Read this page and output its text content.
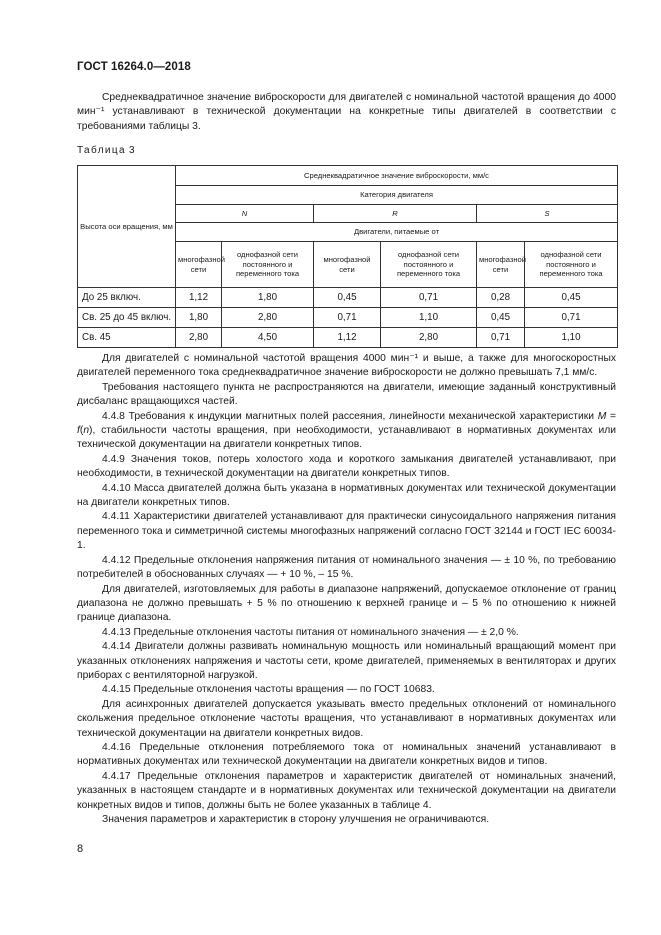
ГОСТ 16264.0—2018

Среднеквадратичное значение виброскорости для двигателей с номинальной частотой вращения до 4000 мин⁻¹ устанавливают в технической документации на конкретные типы двигателей в соответствии с требованиями таблицы 3.

Таблица 3
Высота оси вращения, мм	Среднеквадратичное значение виброскорости, мм/с					
	Категория двигателя					
	N		R		S	
	Двигатели, питаемые от					
	многофазной сети	однофазной сети постоянного и переменного тока	многофазной сети	однофазной сети постоянного и переменного тока	многофазной сети	однофазной сети постоянного и переменного тока
До 25 включ.	1,12	1,80	0,45	0,71	0,28	0,45
Св. 25 до 45 включ.	1,80	2,80	0,71	1,10	0,45	0,71
Св. 45	2,80	4,50	1,12	2,80	0,71	1,10

Для двигателей с номинальной частотой вращения 4000 мин⁻¹ и выше, а также для многоскоростных двигателей переменного тока среднеквадратичное значение виброскорости не должно превышать 7,1 мм/с.

Требования настоящего пункта не распространяются на двигатели, имеющие заданный конструктивный дисбаланс вращающихся частей.

4.4.8 Требования к индукции магнитных полей рассеяния, линейности механической характеристики M = f(n), стабильности частоты вращения, при необходимости, устанавливают в нормативных документах или технической документации на двигатели конкретных типов.

4.4.9 Значения токов, потерь холостого хода и короткого замыкания двигателей устанавливают, при необходимости, в технической документации на двигатели конкретных типов.

4.4.10 Масса двигателей должна быть указана в нормативных документах или технической документации на двигатели конкретных типов.

4.4.11 Характеристики двигателей устанавливают для практически синусоидального напряжения питания переменного тока и симметричной системы многофазных напряжений согласно ГОСТ 32144 и ГОСТ IEC 60034-1.

4.4.12 Предельные отклонения напряжения питания от номинального значения — ± 10 %, по требованию потребителей в обоснованных случаях — + 10 %, – 15 %.

Для двигателей, изготовляемых для работы в диапазоне напряжений, допускаемое отклонение от границ диапазона не должно превышать + 5 % по отношению к верхней границе и – 5 % по отношению к нижней границе диапазона.

4.4.13 Предельные отклонения частоты питания от номинального значения — ± 2,0 %.

4.4.14 Двигатели должны развивать номинальную мощность или номинальный вращающий момент при указанных отклонениях напряжения и частоты сети, кроме двигателей, применяемых в вентиляторах и других приборах с вентиляторной нагрузкой.

4.4.15 Предельные отклонения частоты вращения — по ГОСТ 10683.

Для асинхронных двигателей допускается указывать вместо предельных отклонений от номинального скольжения предельное отклонение частоты вращения, что устанавливают в нормативных документах или технической документации на двигатели конкретных видов.

4.4.16 Предельные отклонения потребляемого тока от номинальных значений устанавливают в нормативных документах или технической документации на двигатели конкретных видов и типов.

4.4.17 Предельные отклонения параметров и характеристик двигателей от номинальных значений, указанных в настоящем стандарте и в нормативных документах или технической документации на двигатели конкретных видов и типов, должны быть не более указанных в таблице 4.

Значения параметров и характеристик в сторону улучшения не ограничиваются.

8
